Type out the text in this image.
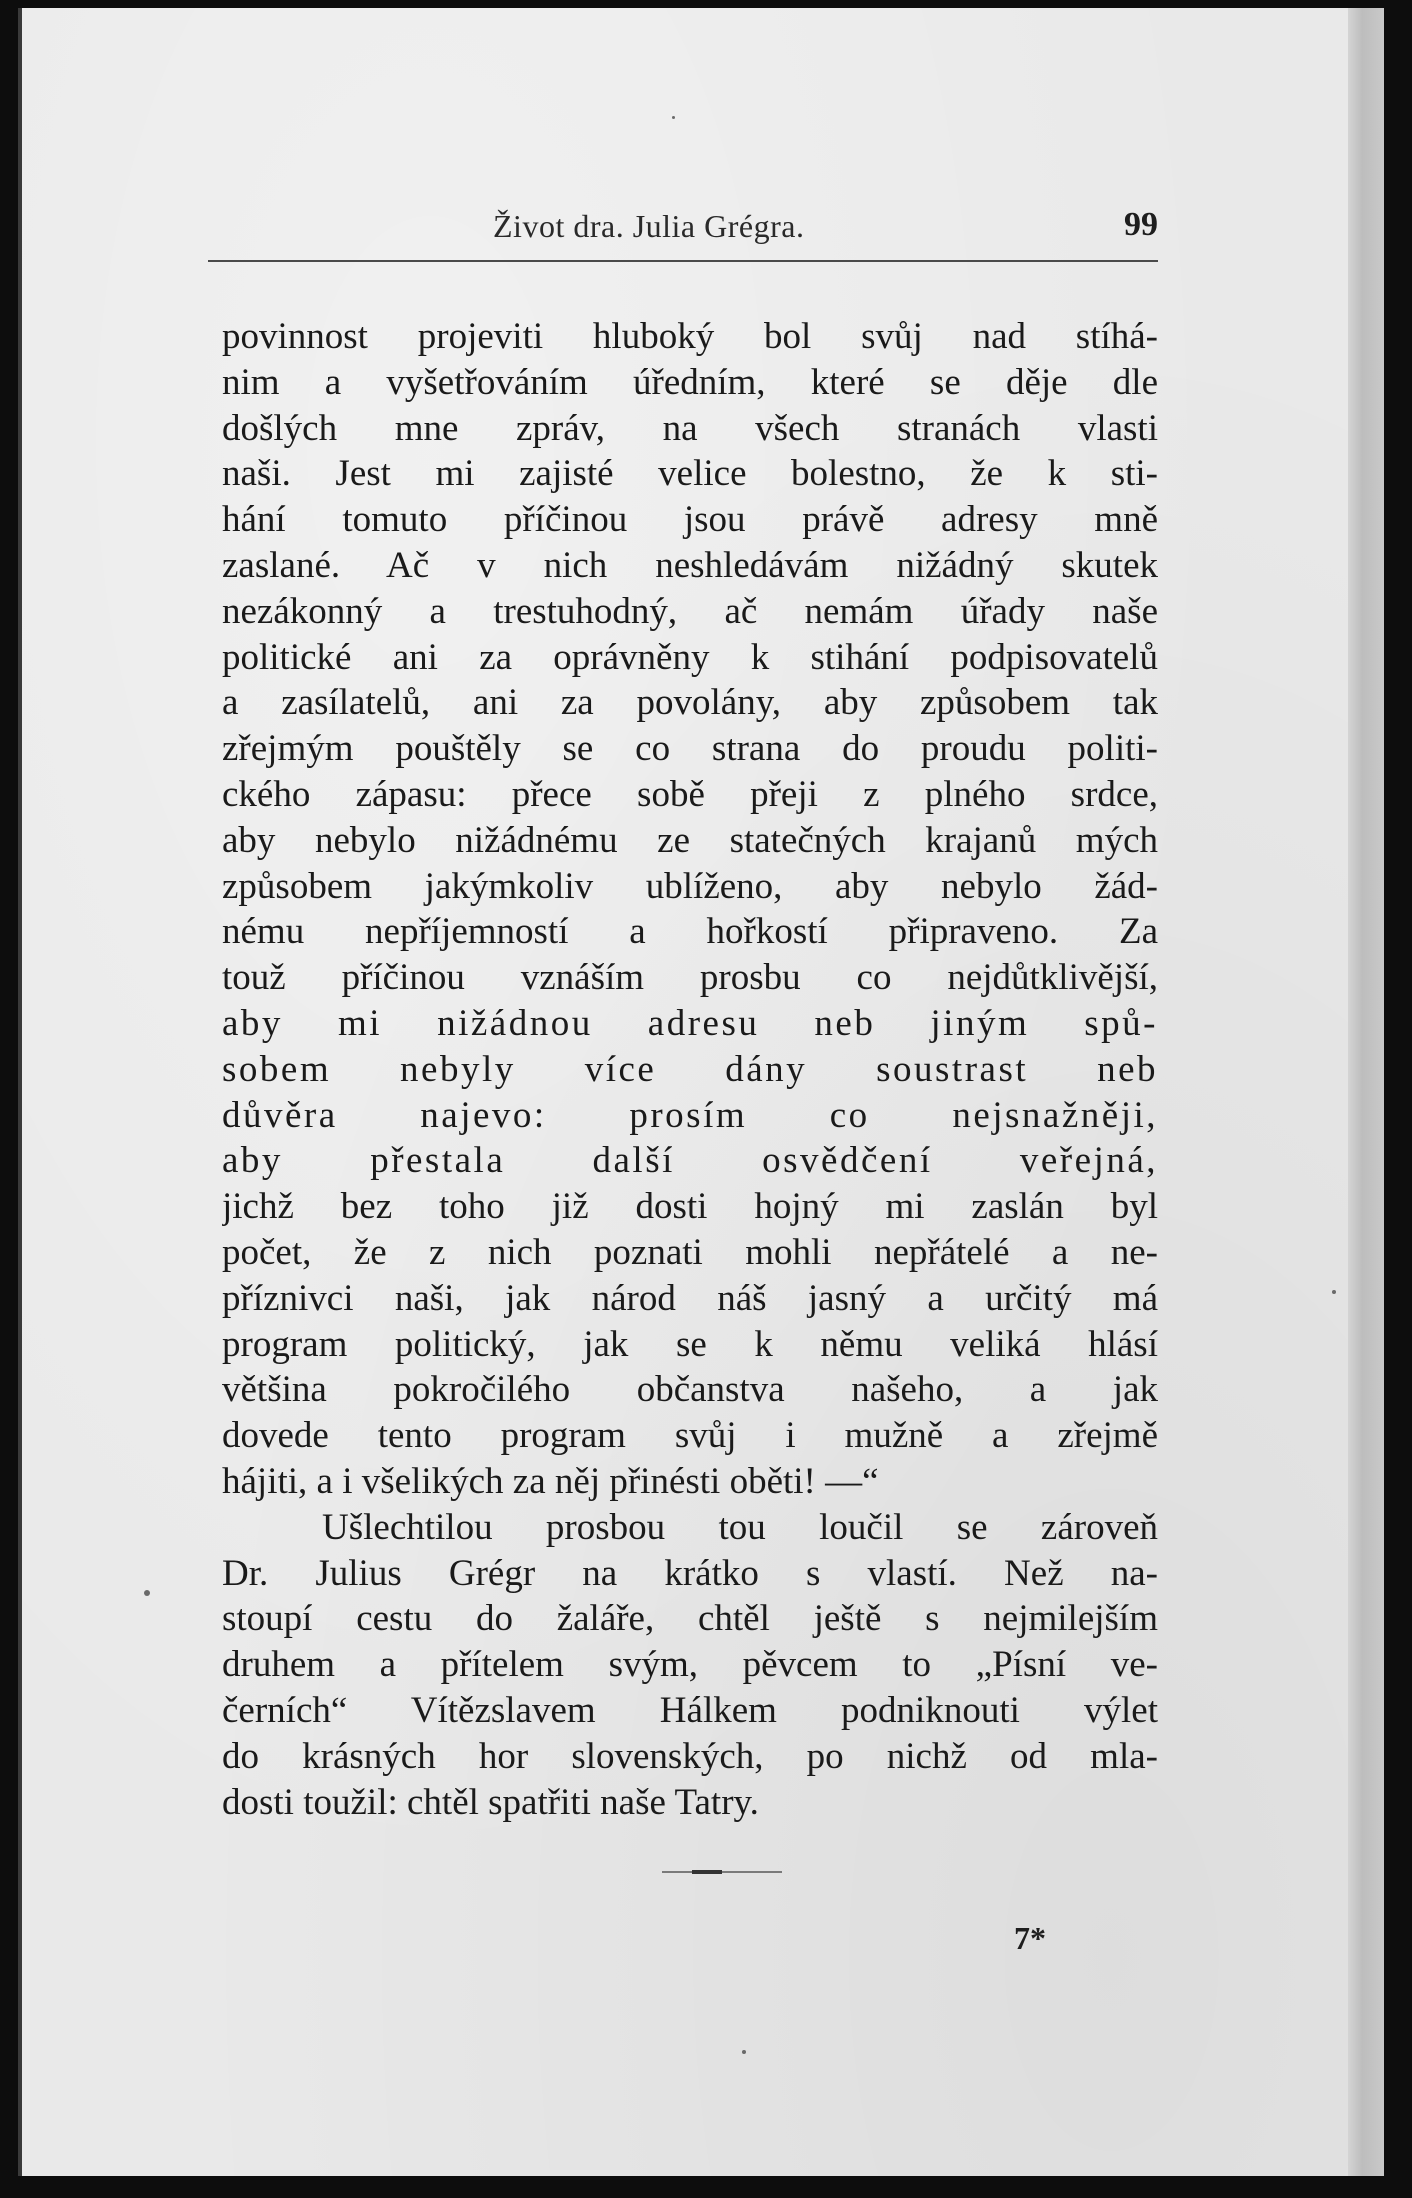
Život dra. Julia Grégra.	99
povinnost projeviti hluboký bol svůj nad stíhá-
nim a vyšetřováním úředním, které se děje dle
došlých mne zpráv, na všech stranách vlasti
naši. Jest mi zajisté velice bolestno, že k sti-
hání tomuto příčinou jsou právě adresy mně
zaslané. Ač v nich neshledávám nižádný skutek
nezákonný a trestuhodný, ač nemám úřady naše
politické ani za oprávněny k stihání podpisovatelů
a zasílatelů, ani za povolány, aby způsobem tak
zřejmým pouštěly se co strana do proudu politi-
ckého zápasu: přece sobě přeji z plného srdce,
aby nebylo nižádnému ze statečných krajanů mých
způsobem jakýmkoliv ublíženo, aby nebylo žád-
nému nepříjemností a hořkostí připraveno. Za
touž příčinou vznáším prosbu co nejdůtklivější,
aby mi nižádnou adresu neb jiným spů-
sobem nebyly více dány soustrast neb
důvěra najevo: prosím co nejsnažněji,
aby přestala další osvědčení veřejná,
jichž bez toho již dosti hojný mi zaslán byl
počet, že z nich poznati mohli nepřátelé a ne-
příznivci naši, jak národ náš jasný a určitý má
program politický, jak se k němu veliká hlásí
většina pokročilého občanstva našeho, a jak
dovede tento program svůj i mužně a zřejmě
hájiti, a i všelikých za něj přinésti oběti! —“
Ušlechtilou prosbou tou loučil se zároveň
Dr. Julius Grégr na krátko s vlastí. Než na-
stoupí cestu do žaláře, chtěl ještě s nejmilejším
druhem a přítelem svým, pěvcem to „Písní ve-
černích“ Vítězslavem Hálkem podniknouti výlet
do krásných hor slovenských, po nichž od mla-
dosti toužil: chtěl spatřiti naše Tatry.
7*
